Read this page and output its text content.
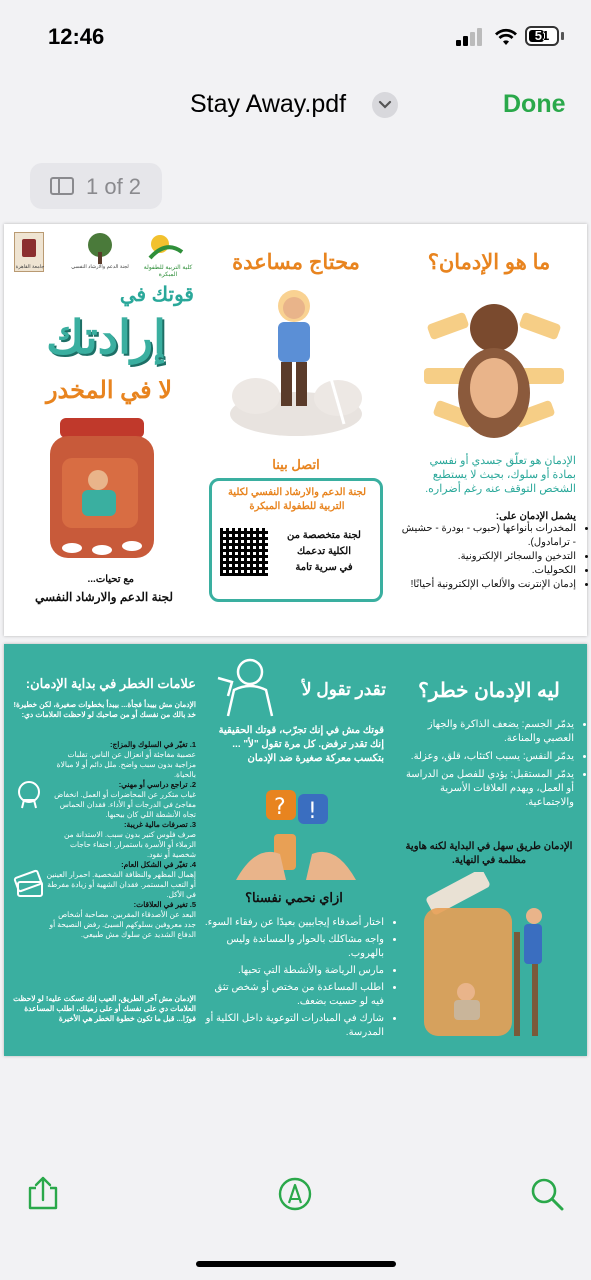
12:46	51
Stay Away.pdf	Done
1 of 2
ما هو الإدمان؟
الإدمان هو تعلّق جسدي أو نفسي بمادة أو سلوك، بحيث لا يستطيع الشخص التوقف عنه رغم أضراره.
يشمل الإدمان على:
• المخدرات بأنواعها (حبوب - بودرة - حشيش - ترامادول).
• التدخين والسجائر الإلكترونية.
• الكحوليات.
• إدمان الإنترنت والألعاب الإلكترونية أحيانًا!
محتاج مساعدة
اتصل بينا
لجنة الدعم والارشاد النفسي لكلية التربية للطفولة المبكرة
لجنة متخصصة من
الكلية تدعمك
في سرية تامة
جامعة القاهرة	لجنة الدعم والارشاد النفسي	كلية التربية للطفولة المبكرة
قوتك في
إرادتك
لا في المخدر
مع تحيات...
لجنة الدعم والارشاد النفسي
ليه الإدمان خطر؟
• يدمّر الجسم: يضعف الذاكرة والجهاز العصبي والمناعة.
• يدمّر النفس: يسبب اكتئاب، قلق، وعزلة.
• يدمّر المستقبل: يؤدي للفصل من الدراسة أو العمل، ويهدم العلاقات الأسرية والاجتماعية.
الإدمان طريق سهل في البداية لكنه هاوية مظلمة في النهاية.
تقدر تقول لأ
قوتك مش في إنك تجرّب، قوتك الحقيقية إنك تقدر ترفض. كل مرة تقول "لأ" ... بتكسب معركة صغيرة ضد الإدمان
? !
ازاي نحمي نفسنا؟
• اختار أصدقاء إيجابيين بعيدًا عن رفقاء السوء.
• واجه مشاكلك بالحوار والمساندة وليس بالهروب.
• مارس الرياضة والأنشطة التي تحبها.
• اطلب المساعدة من مختص أو شخص تثق فيه لو حسيت بضعف.
• شارك في المبادرات التوعوية داخل الكلية أو المدرسة.
علامات الخطر في بداية الإدمان:
الإدمان مش بيبدأ فجأة... بيبدأ بخطوات صغيرة، لكن خطيرة! خد بالك من نفسك أو من صاحبك لو لاحظت العلامات دي:
1. تغيّر في السلوك والمزاج:
عصبية مفاجئة أو انعزال عن الناس. تقلبات مزاجية بدون سبب واضح. ملل دائم أو لا مبالاة بالحياة.
2. تراجع دراسي أو مهني:
غياب متكرر عن المحاضرات أو العمل. انخفاض مفاجئ في الدرجات أو الأداء. فقدان الحماس تجاه الأنشطة اللي كان بيحبها.
3. تصرفات مالية غريبة:
صرف فلوس كتير بدون سبب. الاستدانة من الزملاء أو الأسرة باستمرار. اختفاء حاجات شخصية أو نقود.
4. تغيّر في الشكل العام:
إهمال المظهر والنظافة الشخصية. احمرار العينين أو التعب المستمر. فقدان الشهية أو زيادة مفرطة في الأكل.
5. تغير في العلاقات:
البعد عن الأصدقاء المقربين. مصاحبة أشخاص جدد معروفين بسلوكهم السيئ. رفض النصيحة أو الدفاع الشديد عن سلوك مش طبيعي.
الإدمان مش آخر الطريق، العيب إنك تسكت عليه! لو لاحظت العلامات دي على نفسك أو على زميلك، اطلب المساعدة فورًا... قبل ما تكون خطوة الخطر هي الأخيرة
